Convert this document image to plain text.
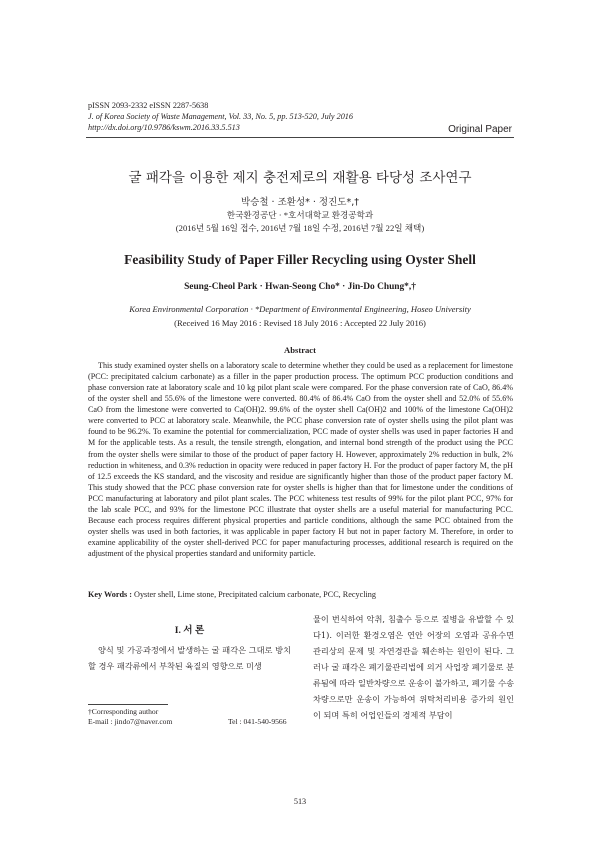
pISSN 2093-2332 eISSN 2287-5638
J. of Korea Society of Waste Management, Vol. 33, No. 5, pp. 513-520, July 2016
http://dx.doi.org/10.9786/kswm.2016.33.5.513	Original Paper
굴 패각을 이용한 제지 충전제로의 재활용 타당성 조사연구
박승철 · 조환성* · 정진도*,†
한국환경공단 · *호서대학교 환경공학과
(2016년 5월 16일 접수, 2016년 7월 18일 수정, 2016년 7월 22일 채택)
Feasibility Study of Paper Filler Recycling using Oyster Shell
Seung-Cheol Park · Hwan-Seong Cho* · Jin-Do Chung*,†
Korea Environmental Corporation · *Department of Environmental Engineering, Hoseo University
(Received 16 May 2016 : Revised 18 July 2016 : Accepted 22 July 2016)
Abstract

This study examined oyster shells on a laboratory scale to determine whether they could be used as a replacement for limestone (PCC: precipitated calcium carbonate) as a filler in the paper production process. The optimum PCC production conditions and phase conversion rate at laboratory scale and 10 kg pilot plant scale were compared. For the phase conversion rate of CaO, 86.4% of the oyster shell and 55.6% of the limestone were converted. 80.4% of 86.4% CaO from the oyster shell and 52.0% of 55.6% CaO from the limestone were converted to Ca(OH)2. 99.6% of the oyster shell Ca(OH)2 and 100% of the limestone Ca(OH)2 were converted to PCC at laboratory scale. Meanwhile, the PCC phase conversion rate of oyster shells using the pilot plant was found to be 96.2%. To examine the potential for commercialization, PCC made of oyster shells was used in paper factories H and M for the applicable tests. As a result, the tensile strength, elongation, and internal bond strength of the product using the PCC from the oyster shells were similar to those of the product of paper factory H. However, approximately 2% reduction in bulk, 2% reduction in whiteness, and 0.3% reduction in opacity were reduced in paper factory H. For the product of paper factory M, the pH of 12.5 exceeds the KS standard, and the viscosity and residue are significantly higher than those of the product paper factory M. This study showed that the PCC phase conversion rate for oyster shells is higher than that for limestone under the conditions of PCC manufacturing at laboratory and pilot plant scales. The PCC whiteness test results of 99% for the pilot plant PCC, 97% for the lab scale PCC, and 93% for the limestone PCC illustrate that oyster shells are a useful material for manufacturing PCC. Because each process requires different physical properties and particle conditions, although the same PCC obtained from the oyster shells was used in both factories, it was applicable in paper factory H but not in paper factory M. Therefore, in order to examine applicability of the oyster shell-derived PCC for paper manufacturing processes, additional research is required on the adjustment of the physical properties standard and uniformity particle.

Key Words : Oyster shell, Lime stone, Precipitated calcium carbonate, PCC, Recycling
I. 서 론

양식 및 가공과정에서 발생하는 굴 패각은 그대로 방치할 경우 패각류에서 부착된 육질의 영향으로 미생

물이 번식하여 악취, 침출수 등으로 질병을 유발할 수 있다1). 이러한 환경오염은 연안 어장의 오염과 공유수면 관리상의 문제 및 자연경관을 훼손하는 원인이 된다. 그러나 굴 패각은 폐기물관리법에 의거 사업장 폐기물로 분류됨에 따라 일반차량으로 운송이 불가하고, 폐기물 수송차량으로만 운송이 가능하여 위탁처리비용 증가의 원인이 되며 특히 어업인들의 경제적 부담이

†Corresponding author
E-mail : jindo7@naver.com	Tel : 041-540-9566
513
